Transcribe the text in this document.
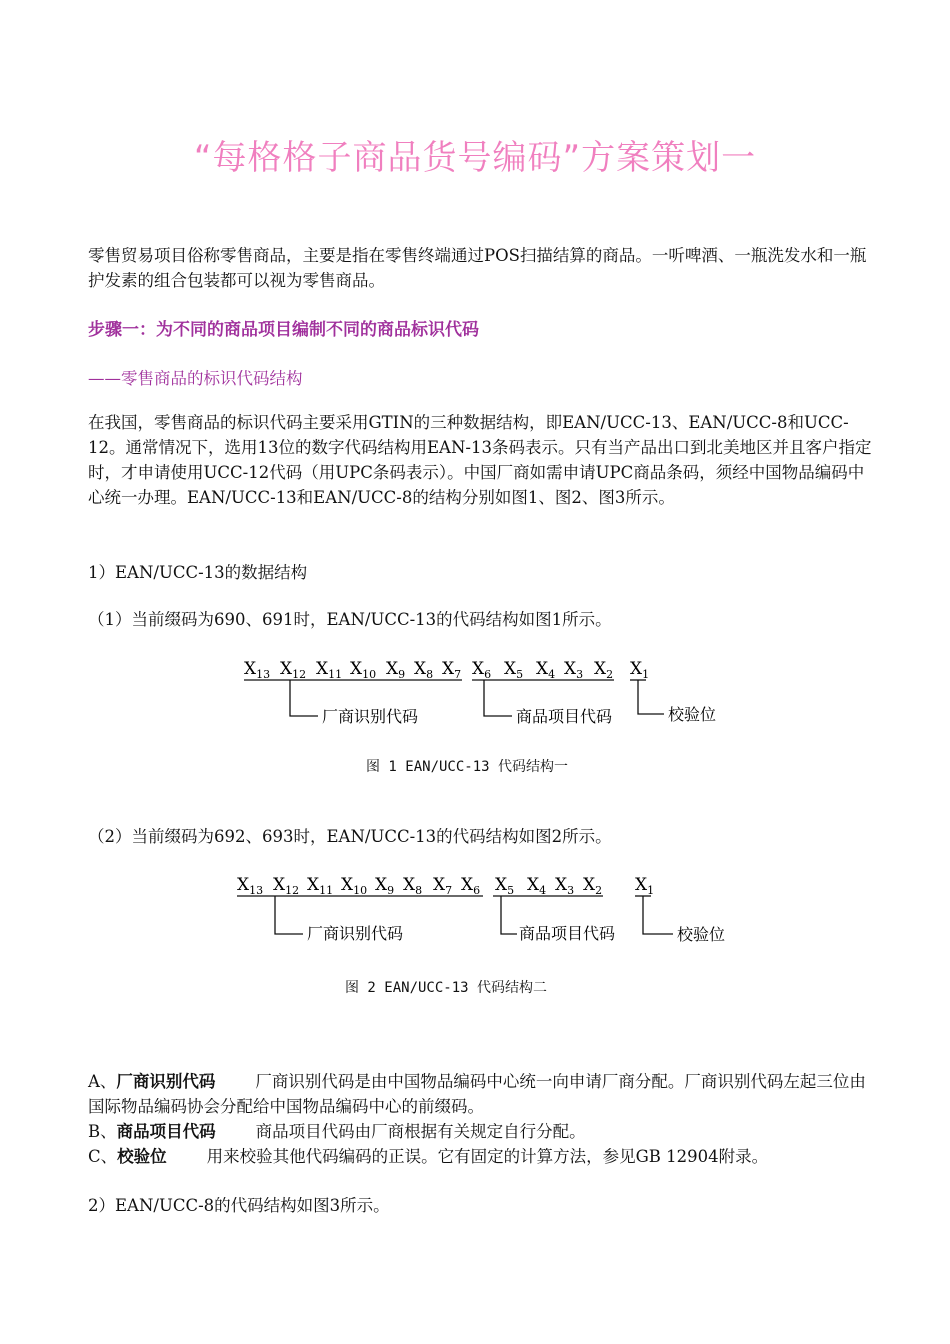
“每格格子商品货号编码”方案策划一
零售贸易项目俗称零售商品，主要是指在零售终端通过POS扫描结算的商品。一听啤酒、一瓶洗发水和一瓶护发素的组合包装都可以视为零售商品。
步骤一：为不同的商品项目编制不同的商品标识代码
——零售商品的标识代码结构
在我国，零售商品的标识代码主要采用GTIN的三种数据结构，即EAN/UCC-13、EAN/UCC-8和UCC-12。通常情况下，选用13位的数字代码结构用EAN-13条码表示。只有当产品出口到北美地区并且客户指定时，才申请使用UCC-12代码（用UPC条码表示）。中国厂商如需申请UPC商品条码，须经中国物品编码中心统一办理。EAN/UCC-13和EAN/UCC-8的结构分别如图1、图2、图3所示。
1）EAN/UCC-13的数据结构
（1）当前缀码为690、691时，EAN/UCC-13的代码结构如图1所示。
$X_{13}$ $X_{12}$ $X_{11}$ $X_{10}$ $X_9$ $X_8$ $X_7$ $X_6$ $X_5$ $X_4$ $X_3$ $X_2$ $X_1$
厂商识别代码	商品项目代码	校验位
图 1 EAN/UCC-13 代码结构一
（2）当前缀码为692、693时，EAN/UCC-13的代码结构如图2所示。
$X_{13}$ $X_{12}$ $X_{11}$ $X_{10}$ $X_9$ $X_8$ $X_7$ $X_6$ $X_5$ $X_4$ $X_3$ $X_2$ $X_1$
厂商识别代码	商品项目代码	校验位
图 2 EAN/UCC-13 代码结构二
A、厂商识别代码 厂商识别代码是由中国物品编码中心统一向申请厂商分配。厂商识别代码左起三位由国际物品编码协会分配给中国物品编码中心的前缀码。
B、商品项目代码 商品项目代码由厂商根据有关规定自行分配。
C、校验位 用来校验其他代码编码的正误。它有固定的计算方法，参见GB 12904附录。
2）EAN/UCC-8的代码结构如图3所示。
